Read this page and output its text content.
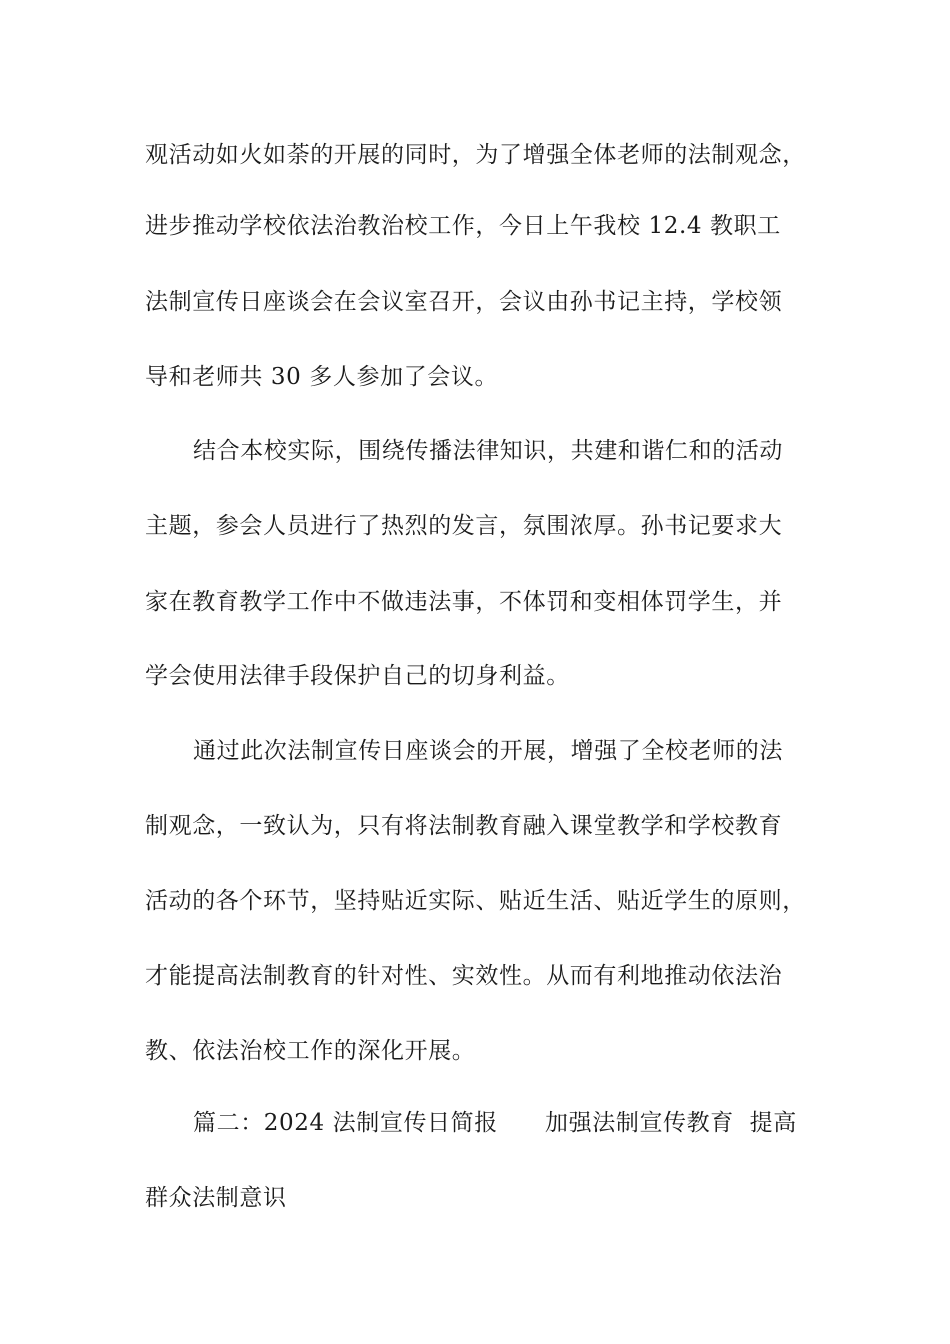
观活动如火如荼的开展的同时，为了增强全体老师的法制观念，
进步推动学校依法治教治校工作，今日上午我校 12.4 教职工
法制宣传日座谈会在会议室召开，会议由孙书记主持，学校领
导和老师共 30 多人参加了会议。
结合本校实际，围绕传播法律知识，共建和谐仁和的活动
主题，参会人员进行了热烈的发言，氛围浓厚。孙书记要求大
家在教育教学工作中不做违法事，不体罚和变相体罚学生，并
学会使用法律手段保护自己的切身利益。
通过此次法制宣传日座谈会的开展，增强了全校老师的法
制观念，一致认为，只有将法制教育融入课堂教学和学校教育
活动的各个环节，坚持贴近实际、贴近生活、贴近学生的原则，
才能提高法制教育的针对性、实效性。从而有利地推动依法治
教、依法治校工作的深化开展。
篇二：2024 法制宣传日简报　　加强法制宣传教育  提高
群众法制意识
